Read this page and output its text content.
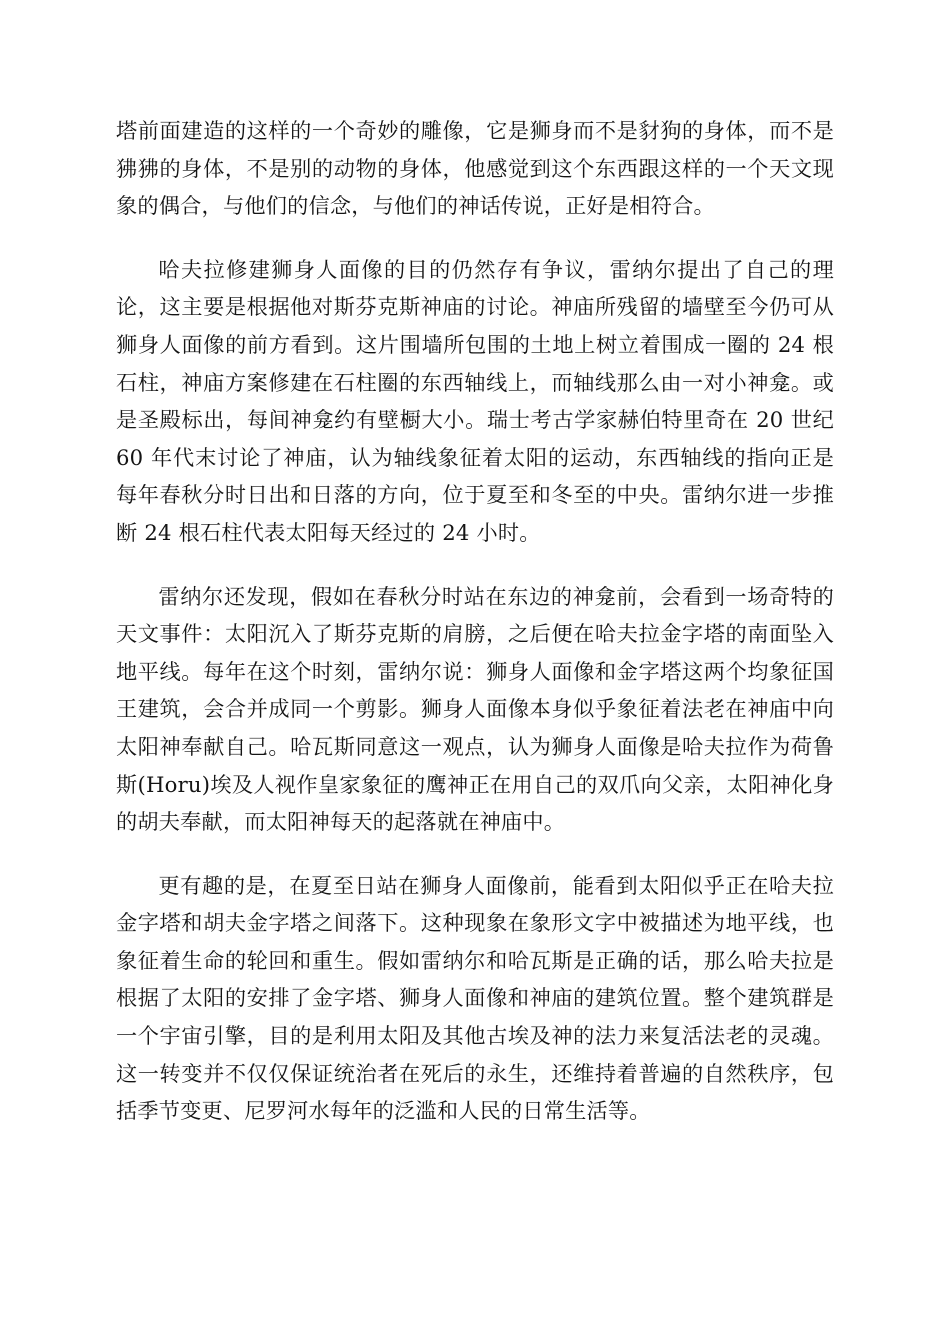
塔前面建造的这样的一个奇妙的雕像，它是狮身而不是豺狗的身体，而不是狒狒的身体，不是别的动物的身体，他感觉到这个东西跟这样的一个天文现象的偶合，与他们的信念，与他们的神话传说，正好是相符合。

哈夫拉修建狮身人面像的目的仍然存有争议，雷纳尔提出了自己的理论，这主要是根据他对斯芬克斯神庙的讨论。神庙所残留的墙壁至今仍可从狮身人面像的前方看到。这片围墙所包围的土地上树立着围成一圈的 24 根石柱，神庙方案修建在石柱圈的东西轴线上，而轴线那么由一对小神龛。或是圣殿标出，每间神龛约有壁橱大小。瑞士考古学家赫伯特里奇在 20 世纪 60 年代末讨论了神庙，认为轴线象征着太阳的运动，东西轴线的指向正是每年春秋分时日出和日落的方向，位于夏至和冬至的中央。雷纳尔进一步推断 24 根石柱代表太阳每天经过的 24 小时。

雷纳尔还发现，假如在春秋分时站在东边的神龛前，会看到一场奇特的天文事件：太阳沉入了斯芬克斯的肩膀，之后便在哈夫拉金字塔的南面坠入地平线。每年在这个时刻，雷纳尔说：狮身人面像和金字塔这两个均象征国王建筑，会合并成同一个剪影。狮身人面像本身似乎象征着法老在神庙中向太阳神奉献自己。哈瓦斯同意这一观点，认为狮身人面像是哈夫拉作为荷鲁斯(Horu)埃及人视作皇家象征的鹰神正在用自己的双爪向父亲，太阳神化身的胡夫奉献，而太阳神每天的起落就在神庙中。

更有趣的是，在夏至日站在狮身人面像前，能看到太阳似乎正在哈夫拉金字塔和胡夫金字塔之间落下。这种现象在象形文字中被描述为地平线，也象征着生命的轮回和重生。假如雷纳尔和哈瓦斯是正确的话，那么哈夫拉是根据了太阳的安排了金字塔、狮身人面像和神庙的建筑位置。整个建筑群是一个宇宙引擎，目的是利用太阳及其他古埃及神的法力来复活法老的灵魂。这一转变并不仅仅保证统治者在死后的永生，还维持着普遍的自然秩序，包括季节变更、尼罗河水每年的泛滥和人民的日常生活等。
